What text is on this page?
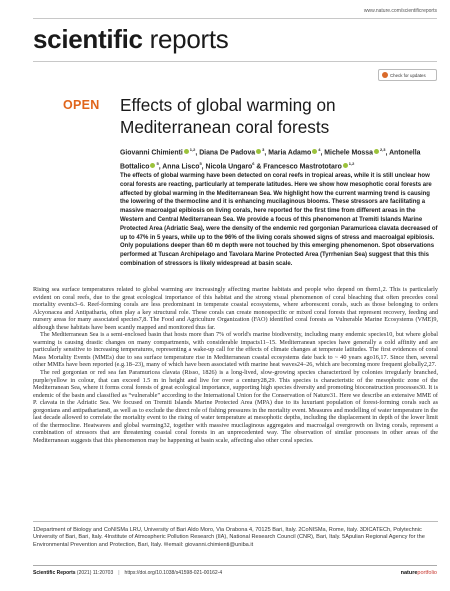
www.nature.com/scientificreports
scientific reports
Check for updates
OPEN Effects of global warming on Mediterranean coral forests
Giovanni Chimienti $^{1,2}$, Diana De Padova $^3$, Maria Adamo $^4$, Michele Mossa $^{2,3}$, Antonella Bottalico $^5$, Anna Lisco$^5$, Nicola Ungaro$^6$ & Francesco Mastrototaro $^{1,2}$
The effects of global warming have been detected on coral reefs in tropical areas, while it is still unclear how coral forests are reacting, particularly at temperate latitudes. Here we show how mesophotic coral forests are affected by global warming in the Mediterranean Sea. We highlight how the current warming trend is causing the lowering of the thermocline and it is enhancing mucilaginous blooms. These stressors are facilitating a massive macroalgal epibiosis on living corals, here reported for the first time from different areas in the Western and Central Mediterranean Sea. We provide a focus of this phenomenon at Tremiti Islands Marine Protected Area (Adriatic Sea), were the density of the endemic red gorgonian Paramuricea clavata decreased of up to 47% in 5 years, while up to the 96% of the living corals showed signs of stress and macroalgal epibiosis. Only populations deeper than 60 m depth were not touched by this emerging phenomenon. Spot observations performed at Tuscan Archipelago and Tavolara Marine Protected Area (Tyrrhenian Sea) suggest that this this combination of stressors is likely widespread at basin scale.

Rising sea surface temperatures related to global warming are increasingly affecting marine habitats and people who depend on them1,2. This is particularly evident on coral reefs, due to the great ecological importance of this habitat and the strong visual phenomenon of coral bleaching that often precedes coral mortality events3–6. Reef-forming corals are less predominant in temperate coastal ecosystems, where arborescent corals, such as those belonging to orders Alcyonacea and Antipatharia, often play a key structural role. These corals can create monospecific or mixed coral forests that represent recovery, feeding and nursery areas for many associated species7,8. The Food and Agriculture Organization (FAO) identified coral forests as Vulnerable Marine Ecosystems (VME)9, although these habitats have been scantly mapped and monitored thus far.

The Mediterranean Sea is a semi-enclosed basin that hosts more than 7% of world's marine biodiversity, including many endemic species10, but where global warming is causing drastic changes on many compartments, with considerable impacts11–15. Mediterranean species have generally a cold affinity and are particularly sensitive to increasing temperatures, representing a wake-up call for the effects of climate changes at temperate latitudes. The first evidences of coral Mass Mortality Events (MMEs) due to sea surface temperature rise in Mediterranean coastal ecosystems date back to ~ 40 years ago16,17. Since then, several other MMEs have been reported (e.g.18–23), many of which have been associated with marine heat waves24–26, which are becoming more frequent globally2,27.

The red gorgonian or red sea fan Paramuricea clavata (Risso, 1826) is a long-lived, slow-growing species characterized by colonies irregularly branched, purple/yellow in colour, that can exceed 1.5 m in height and live for over a century28,29. This species is characteristic of the mesophotic zone of the Mediterranean Sea, where it forms coral forests of great ecological importance, supporting high species diversity and promoting bioconstruction processes30. It is endemic of the basin and classified as “vulnerable” according to the International Union for the Conservation of Nature31. Here we describe an extensive MME of P. clavata in the Adriatic Sea. We focused on Tremiti Islands Marine Protected Area (MPA) due to its luxuriant population of forest-forming corals such as gorgonians and antipatharians8, as well as to exclude the direct role of fishing pressures in the mortality event. Measures and modelling of water temperature in the last decade allowed to correlate the mortality event to the rising of water temperature at mesophotic depths, including the displacement in depth of the lower limit of the thermocline. Heatwaves and global warming32, together with massive mucilaginous aggregates and macroalgal overgrowth on living corals, represent a combination of stressors that are threatening coastal coral forests in an unprecedented way. The observation of similar processes in other areas of the Mediterranean suggests that this phenomenon may be happening at basin scale, affecting also other coral species.

1Department of Biology and CoNISMa LRU, University of Bari Aldo Moro, Via Orabona 4, 70125 Bari, Italy. 2CoNISMa, Rome, Italy. 3DICATECh, Polytechnic University of Bari, Bari, Italy. 4Institute of Atmospheric Pollution Research (IIA), National Research Council (CNR), Bari, Italy. 5Apulian Regional Agency for the Environmental Prevention and Protection, Bari, Italy. ✉email: giovanni.chimienti@uniba.it
Scientific Reports
(2021) 11:20703 | https://doi.org/10.1038/s41598-021-00162-4	natureportfolio
